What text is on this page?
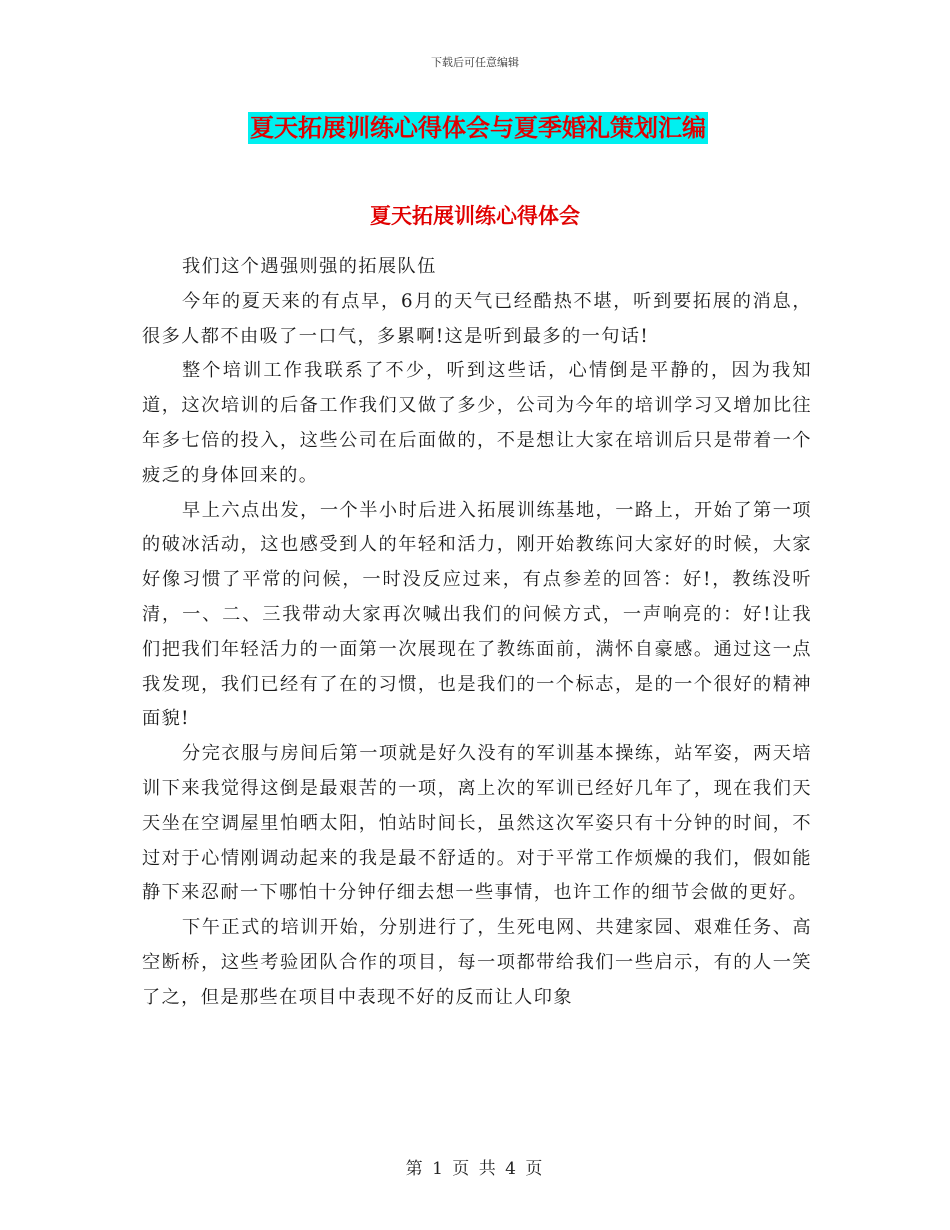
下载后可任意编辑
夏天拓展训练心得体会与夏季婚礼策划汇编
夏天拓展训练心得体会

我们这个遇强则强的拓展队伍

今年的夏天来的有点早，6月的天气已经酷热不堪，听到要拓展的消息，很多人都不由吸了一口气，多累啊!这是听到最多的一句话!

整个培训工作我联系了不少，听到这些话，心情倒是平静的，因为我知道，这次培训的后备工作我们又做了多少，公司为今年的培训学习又增加比往年多七倍的投入，这些公司在后面做的，不是想让大家在培训后只是带着一个疲乏的身体回来的。

早上六点出发，一个半小时后进入拓展训练基地，一路上，开始了第一项的破冰活动，这也感受到人的年轻和活力，刚开始教练问大家好的时候，大家好像习惯了平常的问候，一时没反应过来，有点参差的回答：好!，教练没听清，一、二、三我带动大家再次喊出我们的问候方式，一声响亮的：好!让我们把我们年轻活力的一面第一次展现在了教练面前，满怀自豪感。通过这一点我发现，我们已经有了在的习惯，也是我们的一个标志，是的一个很好的精神面貌!

分完衣服与房间后第一项就是好久没有的军训基本操练，站军姿，两天培训下来我觉得这倒是最艰苦的一项，离上次的军训已经好几年了，现在我们天天坐在空调屋里怕晒太阳，怕站时间长，虽然这次军姿只有十分钟的时间，不过对于心情刚调动起来的我是最不舒适的。对于平常工作烦燥的我们，假如能静下来忍耐一下哪怕十分钟仔细去想一些事情，也许工作的细节会做的更好。

下午正式的培训开始，分别进行了，生死电网、共建家园、艰难任务、高空断桥，这些考验团队合作的项目，每一项都带给我们一些启示，有的人一笑了之，但是那些在项目中表现不好的反而让人印象

第 1 页 共 4 页
